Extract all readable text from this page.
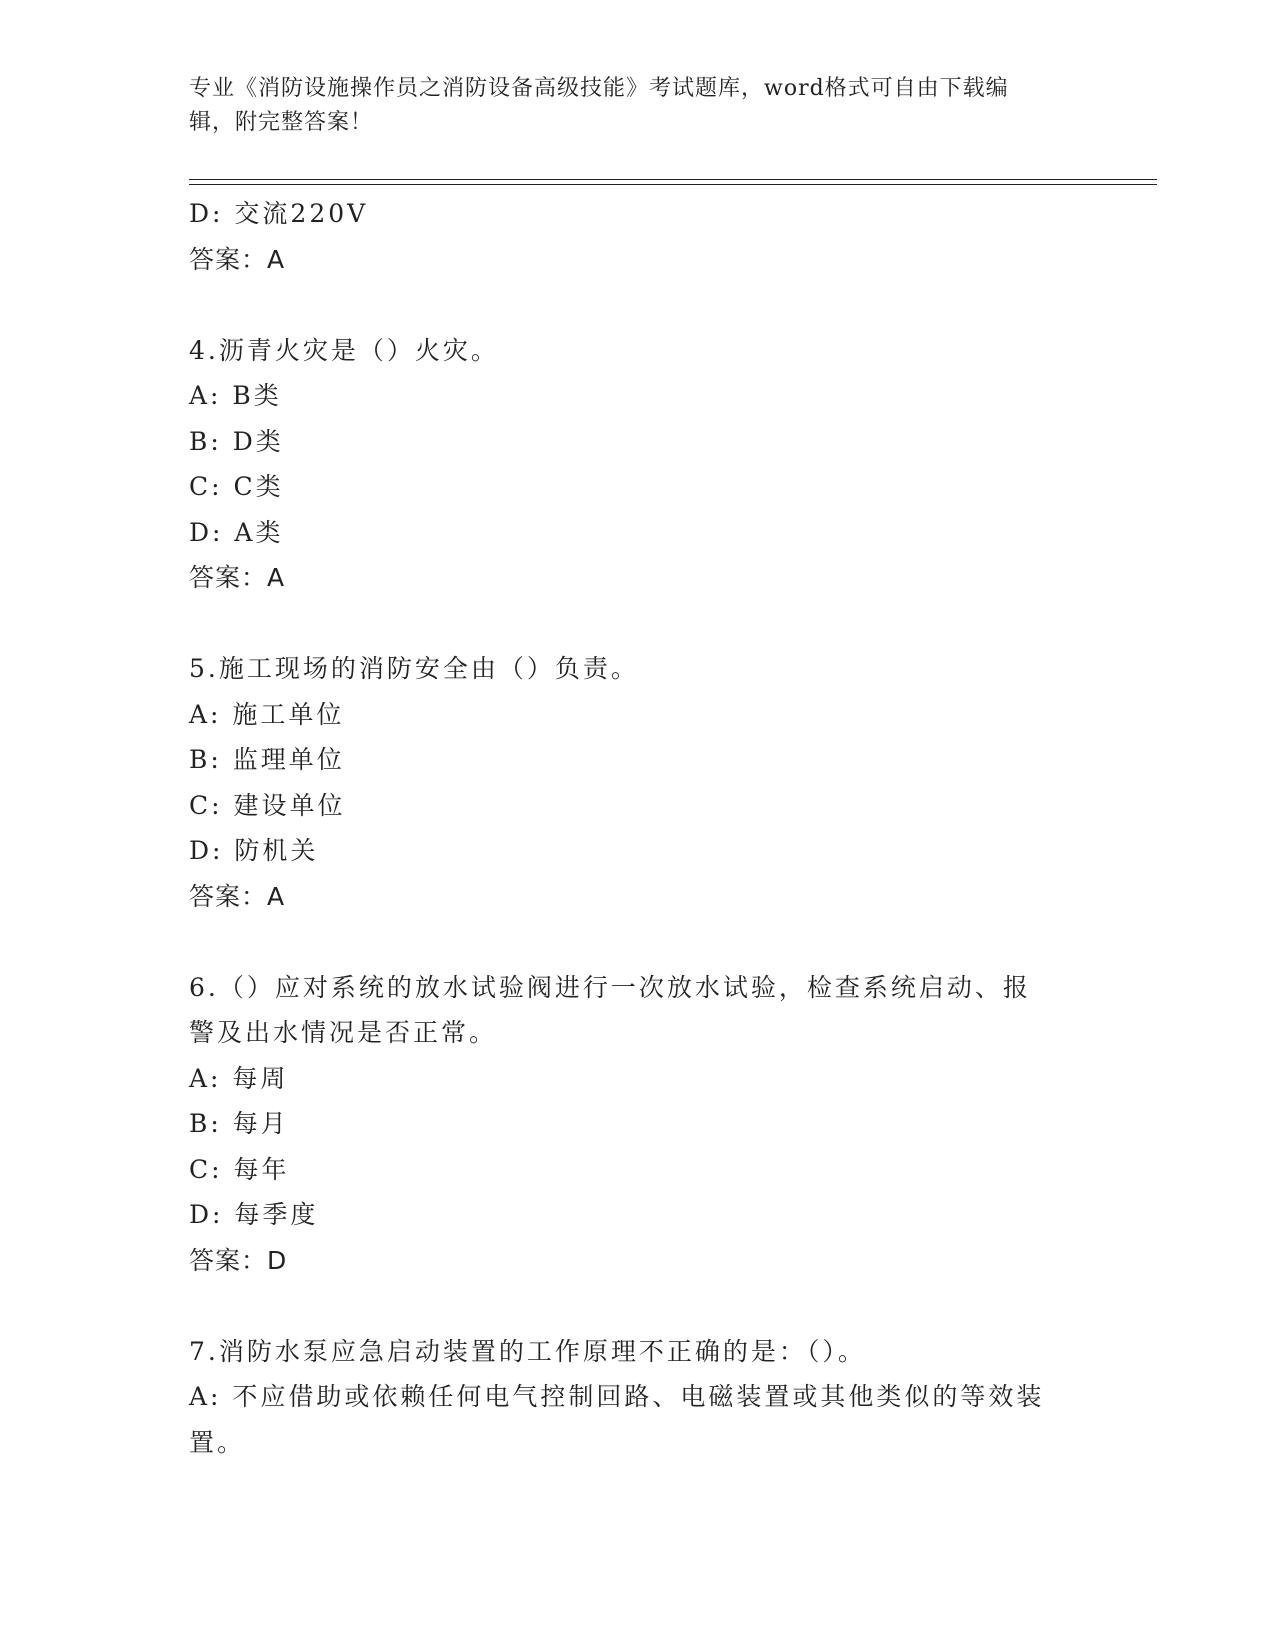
专业《消防设施操作员之消防设备高级技能》考试题库，word格式可自由下载编
辑，附完整答案！
D: 交流220V
答案：A
4.沥青火灾是（）火灾。
A: B类
B: D类
C: C类
D: A类
答案：A
5.施工现场的消防安全由（）负责。
A: 施工单位
B: 监理单位
C: 建设单位
D: 防机关
答案：A
6.（）应对系统的放水试验阀进行一次放水试验，检查系统启动、报
警及出水情况是否正常。
A: 每周
B: 每月
C: 每年
D: 每季度
答案：D
7.消防水泵应急启动装置的工作原理不正确的是：（）。
A: 不应借助或依赖任何电气控制回路、电磁装置或其他类似的等效装
置。
